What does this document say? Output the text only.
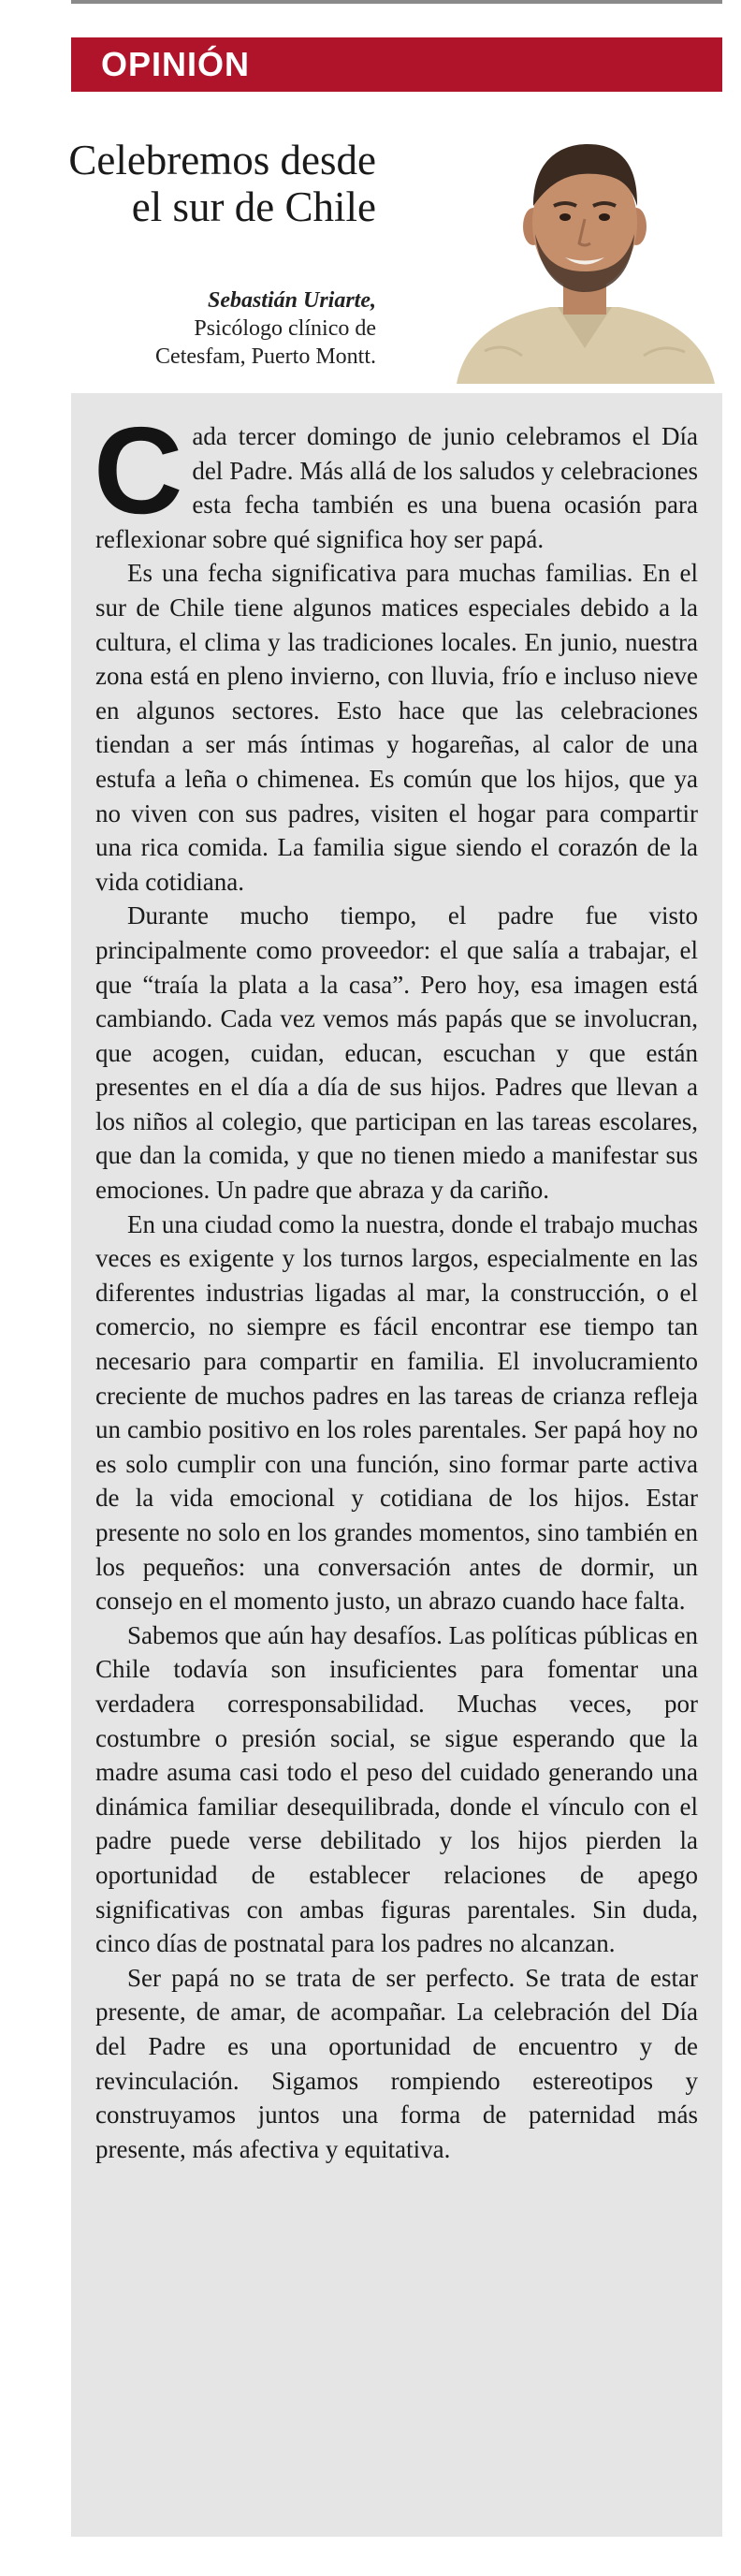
OPINIÓN
Celebremos desde el sur de Chile
Sebastián Uriarte,
Psicólogo clínico de
Cetesfam, Puerto Montt.

Cada tercer domingo de junio celebramos el Día del Padre. Más allá de los saludos y celebraciones esta fecha también es una buena ocasión para reflexionar sobre qué significa hoy ser papá.

Es una fecha significativa para muchas familias. En el sur de Chile tiene algunos matices especiales debido a la cultura, el clima y las tradiciones locales. En junio, nuestra zona está en pleno invierno, con lluvia, frío e incluso nieve en algunos sectores. Esto hace que las celebraciones tiendan a ser más íntimas y hogareñas, al calor de una estufa a leña o chimenea. Es común que los hijos, que ya no viven con sus padres, visiten el hogar para compartir una rica comida. La familia sigue siendo el corazón de la vida cotidiana.

Durante mucho tiempo, el padre fue visto principalmente como proveedor: el que salía a trabajar, el que “traía la plata a la casa”. Pero hoy, esa imagen está cambiando. Cada vez vemos más papás que se involucran, que acogen, cuidan, educan, escuchan y que están presentes en el día a día de sus hijos. Padres que llevan a los niños al colegio, que participan en las tareas escolares, que dan la comida, y que no tienen miedo a manifestar sus emociones. Un padre que abraza y da cariño.

En una ciudad como la nuestra, donde el trabajo muchas veces es exigente y los turnos largos, especialmente en las diferentes industrias ligadas al mar, la construcción, o el comercio, no siempre es fácil encontrar ese tiempo tan necesario para compartir en familia. El involucramiento creciente de muchos padres en las tareas de crianza refleja un cambio positivo en los roles parentales. Ser papá hoy no es solo cumplir con una función, sino formar parte activa de la vida emocional y cotidiana de los hijos. Estar presente no solo en los grandes momentos, sino también en los pequeños: una conversación antes de dormir, un consejo en el momento justo, un abrazo cuando hace falta.

Sabemos que aún hay desafíos. Las políticas públicas en Chile todavía son insuficientes para fomentar una verdadera corresponsabilidad. Muchas veces, por costumbre o presión social, se sigue esperando que la madre asuma casi todo el peso del cuidado generando una dinámica familiar desequilibrada, donde el vínculo con el padre puede verse debilitado y los hijos pierden la oportunidad de establecer relaciones de apego significativas con ambas figuras parentales. Sin duda, cinco días de postnatal para los padres no alcanzan.

Ser papá no se trata de ser perfecto. Se trata de estar presente, de amar, de acompañar. La celebración del Día del Padre es una oportunidad de encuentro y de revinculación. Sigamos rompiendo estereotipos y construyamos juntos una forma de paternidad más presente, más afectiva y equitativa.
